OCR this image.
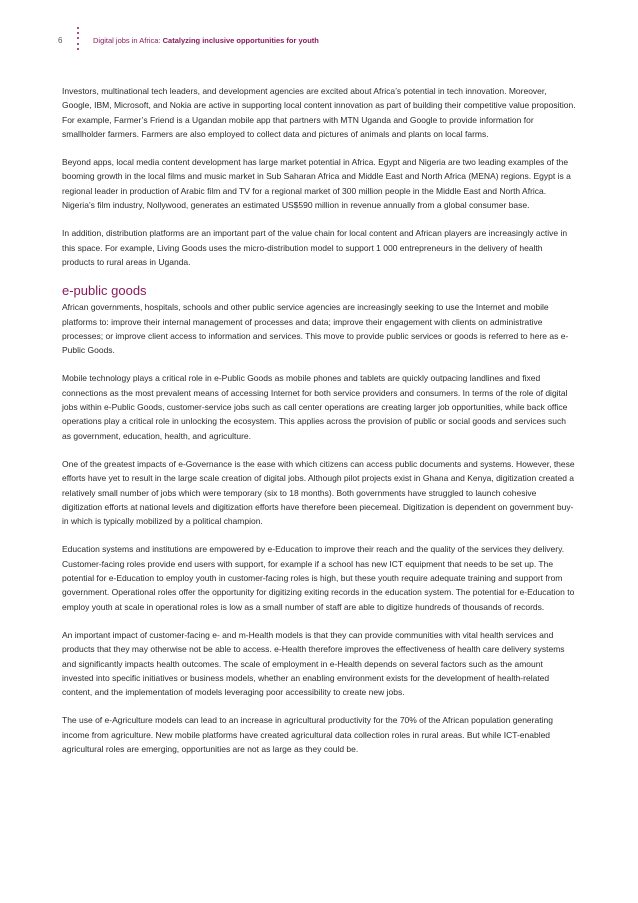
6	Digital jobs in Africa: Catalyzing inclusive opportunities for youth

Investors, multinational tech leaders, and development agencies are excited about Africa’s potential in tech innovation. Moreover, Google, IBM, Microsoft, and Nokia are active in supporting local content innovation as part of building their competitive value proposition. For example, Farmer’s Friend is a Ugandan mobile app that partners with MTN Uganda and Google to provide information for smallholder farmers. Farmers are also employed to collect data and pictures of animals and plants on local farms.

Beyond apps, local media content development has large market potential in Africa. Egypt and Nigeria are two leading examples of the booming growth in the local films and music market in Sub Saharan Africa and Middle East and North Africa (MENA) regions. Egypt is a regional leader in production of Arabic film and TV for a regional market of 300 million people in the Middle East and North Africa. Nigeria’s film industry, Nollywood, generates an estimated US$590 million in revenue annually from a global consumer base.

In addition, distribution platforms are an important part of the value chain for local content and African players are increasingly active in this space. For example, Living Goods uses the micro-distribution model to support 1 000 entrepreneurs in the delivery of health products to rural areas in Uganda.

e-public goods

African governments, hospitals, schools and other public service agencies are increasingly seeking to use the Internet and mobile platforms to: improve their internal management of processes and data; improve their engagement with clients on administrative processes; or improve client access to information and services. This move to provide public services or goods is referred to here as e-Public Goods.

Mobile technology plays a critical role in e-Public Goods as mobile phones and tablets are quickly outpacing landlines and fixed connections as the most prevalent means of accessing Internet for both service providers and consumers. In terms of the role of digital jobs within e-Public Goods, customer-service jobs such as call center operations are creating larger job opportunities, while back office operations play a critical role in unlocking the ecosystem. This applies across the provision of public or social goods and services such as government, education, health, and agriculture.

One of the greatest impacts of e-Governance is the ease with which citizens can access public documents and systems. However, these efforts have yet to result in the large scale creation of digital jobs. Although pilot projects exist in Ghana and Kenya, digitization created a relatively small number of jobs which were temporary (six to 18 months). Both governments have struggled to launch cohesive digitization efforts at national levels and digitization efforts have therefore been piecemeal. Digitization is dependent on government buy-in which is typically mobilized by a political champion.

Education systems and institutions are empowered by e-Education to improve their reach and the quality of the services they delivery. Customer-facing roles provide end users with support, for example if a school has new ICT equipment that needs to be set up. The potential for e-Education to employ youth in customer-facing roles is high, but these youth require adequate training and support from government. Operational roles offer the opportunity for digitizing exiting records in the education system. The potential for e-Education to employ youth at scale in operational roles is low as a small number of staff are able to digitize hundreds of thousands of records.

An important impact of customer-facing e- and m-Health models is that they can provide communities with vital health services and products that they may otherwise not be able to access. e-Health therefore improves the effectiveness of health care delivery systems and significantly impacts health outcomes. The scale of employment in e-Health depends on several factors such as the amount invested into specific initiatives or business models, whether an enabling environment exists for the development of health-related content, and the implementation of models leveraging poor accessibility to create new jobs.

The use of e-Agriculture models can lead to an increase in agricultural productivity for the 70% of the African population generating income from agriculture. New mobile platforms have created agricultural data collection roles in rural areas. But while ICT-enabled agricultural roles are emerging, opportunities are not as large as they could be.
